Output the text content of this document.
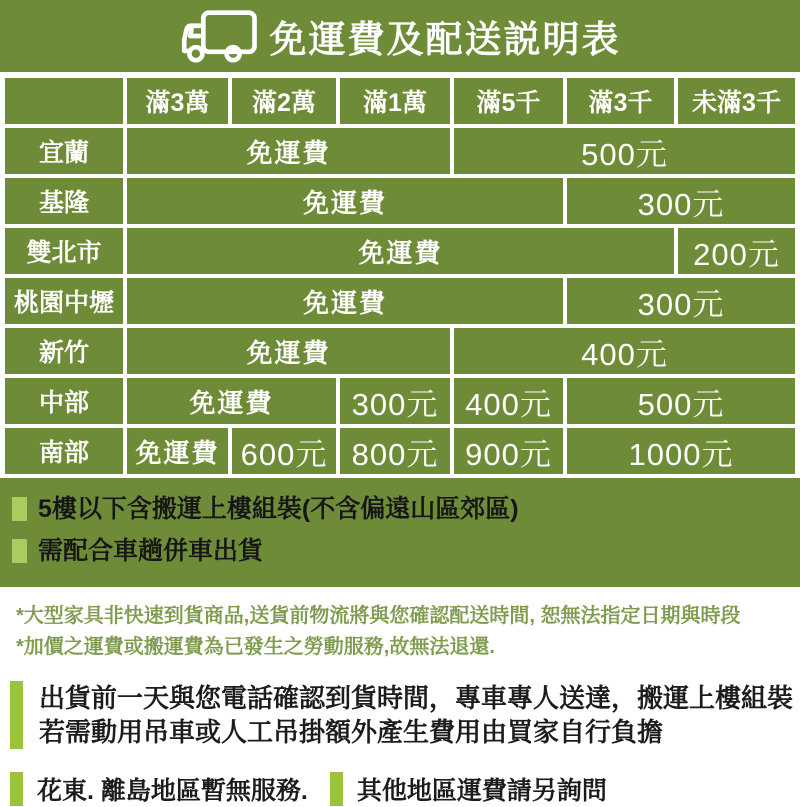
免運費及配送説明表
	滿3萬	滿2萬	滿1萬	滿5千	滿3千	未滿3千
宜蘭	免運費			500元		
基隆	免運費				300元	
雙北市	免運費					200元
桃園中壢	免運費				300元	
新竹	免運費			400元		
中部	免運費		300元	400元	500元	
南部	免運費	600元	800元	900元	1000元	
5樓以下含搬運上樓組裝(不含偏遠山區郊區)
需配合車趟併車出貨
*大型家具非快速到貨商品,送貨前物流將與您確認配送時間, 恕無法指定日期與時段
*加價之運費或搬運費為已發生之勞動服務,故無法退還.
出貨前一天與您電話確認到貨時間，專車專人送達，搬運上樓組裝
若需動用吊車或人工吊掛額外產生費用由買家自行負擔
花東. 離島地區暫無服務. 其他地區運費請另詢問
